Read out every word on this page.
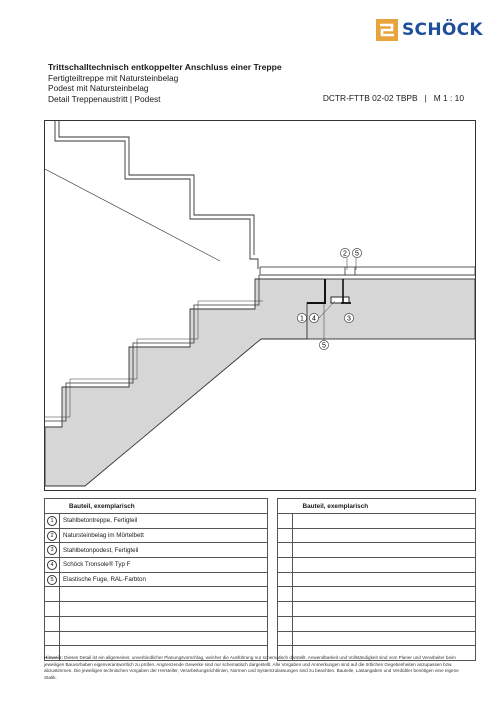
SCHÖCK
Trittschalltechnisch entkoppelter Anschluss einer Treppe
Fertigteiltreppe mit Natursteinbelag
Podest mit Natursteinbelag
Detail Treppenaustritt | Podest	DCTR-FTTB 02-02 TBPB   |   M 1 : 10
2 5
1 4	3
5
Bauteil, exemplarisch			Bauteil, exemplarisch	
1	Stahlbetontreppe, Fertigteil			
2	Natursteinbelag im Mörtelbett			
3	Stahlbetonpodest, Fertigteil			
4	Schöck Tronsole® Typ F			
5	Elastische Fuge, RAL-Farbton			

Hinweis: Dieses Detail ist ein allgemeiner, unverbindlicher Planungsvorschlag, welcher die Ausführung nur schematisch darstellt. Anwendbarkeit und Vollständigkeit sind vom Planer und Verarbeiter beim jeweiligen Bauvorhaben eigenverantwortlich zu prüfen. Angrenzende Gewerke sind nur schematisch dargestellt. Alle Vorgaben und Anmerkungen sind auf die örtlichen Gegebenheiten anzupassen bzw. abzustimmen. Die jeweiligen technischen Vorgaben der Hersteller, Verarbeitungsrichtlinien, Normen und Systemzulassungen sind zu beachten. Bauteile, Lastangaben und Verdübler benötigen eine eigene Statik.
